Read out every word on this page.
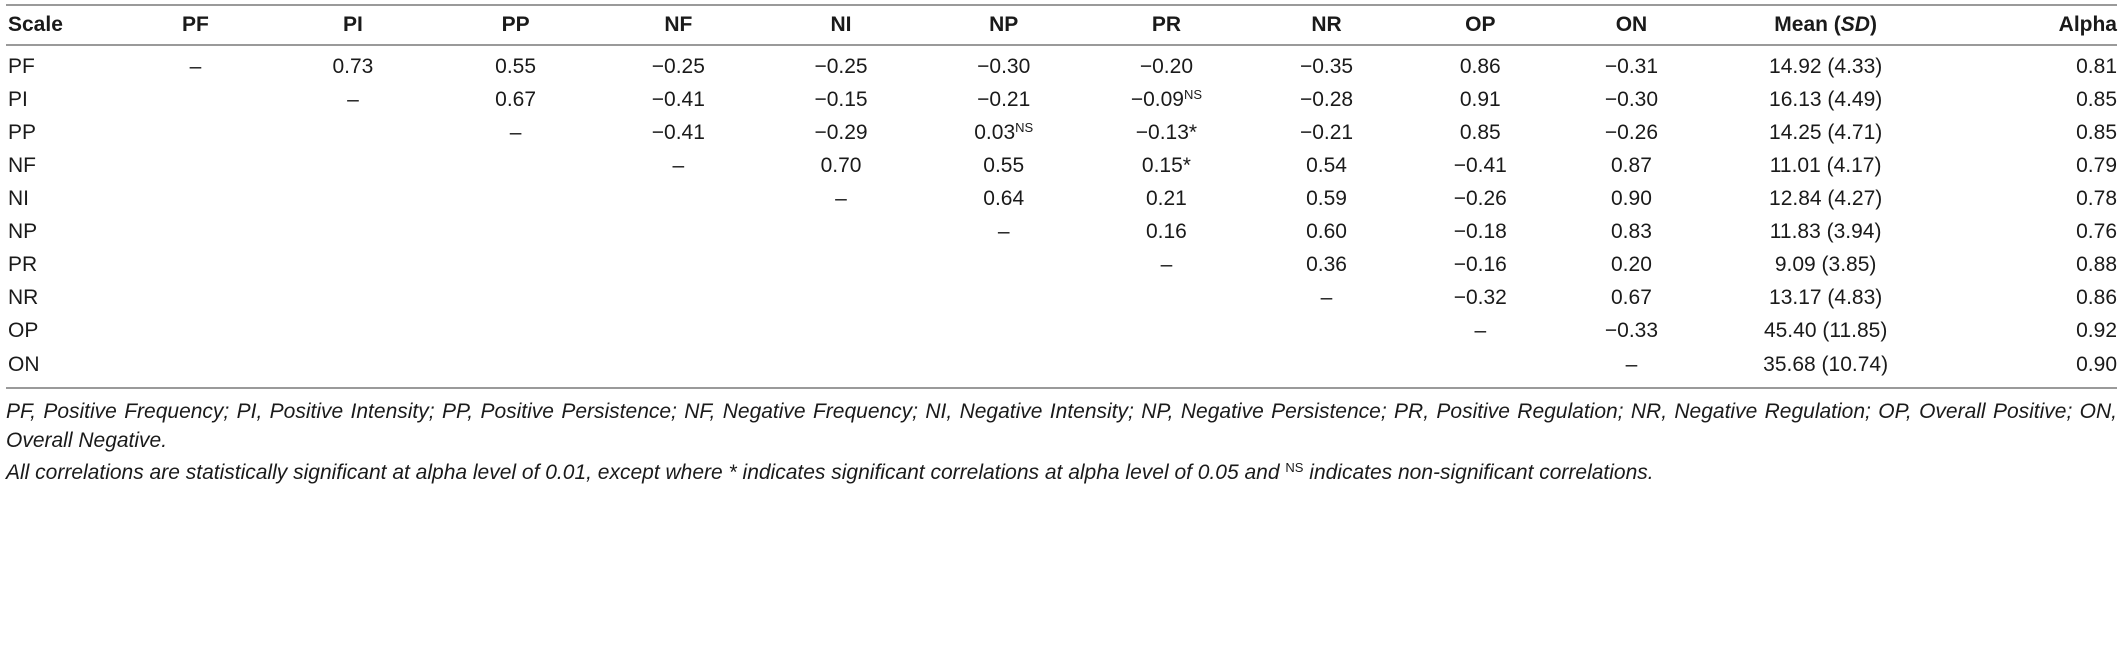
Scale	PF	PI	PP	NF	NI	NP	PR	NR	OP	ON	Mean (SD)	Alpha
PF	–	0.73	0.55	−0.25	−0.25	−0.30	−0.20	−0.35	0.86	−0.31	14.92 (4.33)	0.81
PI		–	0.67	−0.41	−0.15	−0.21	$-0.09^{NS}$	−0.28	0.91	−0.30	16.13 (4.49)	0.85
PP			–	−0.41	−0.29	$0.03^{NS}$	−0.13*	−0.21	0.85	−0.26	14.25 (4.71)	0.85
NF				–	0.70	0.55	0.15*	0.54	−0.41	0.87	11.01 (4.17)	0.79
NI					–	0.64	0.21	0.59	−0.26	0.90	12.84 (4.27)	0.78
NP						–	0.16	0.60	−0.18	0.83	11.83 (3.94)	0.76
PR							–	0.36	−0.16	0.20	9.09 (3.85)	0.88
NR								–	−0.32	0.67	13.17 (4.83)	0.86
OP									–	−0.33	45.40 (11.85)	0.92
ON										–	35.68 (10.74)	0.90

PF, Positive Frequency; PI, Positive Intensity; PP, Positive Persistence; NF, Negative Frequency; NI, Negative Intensity; NP, Negative Persistence; PR, Positive Regulation; NR, Negative Regulation; OP, Overall Positive; ON, Overall Negative.

All correlations are statistically significant at alpha level of 0.01, except where * indicates significant correlations at alpha level of 0.05 and $^{NS}$ indicates non-significant correlations.
